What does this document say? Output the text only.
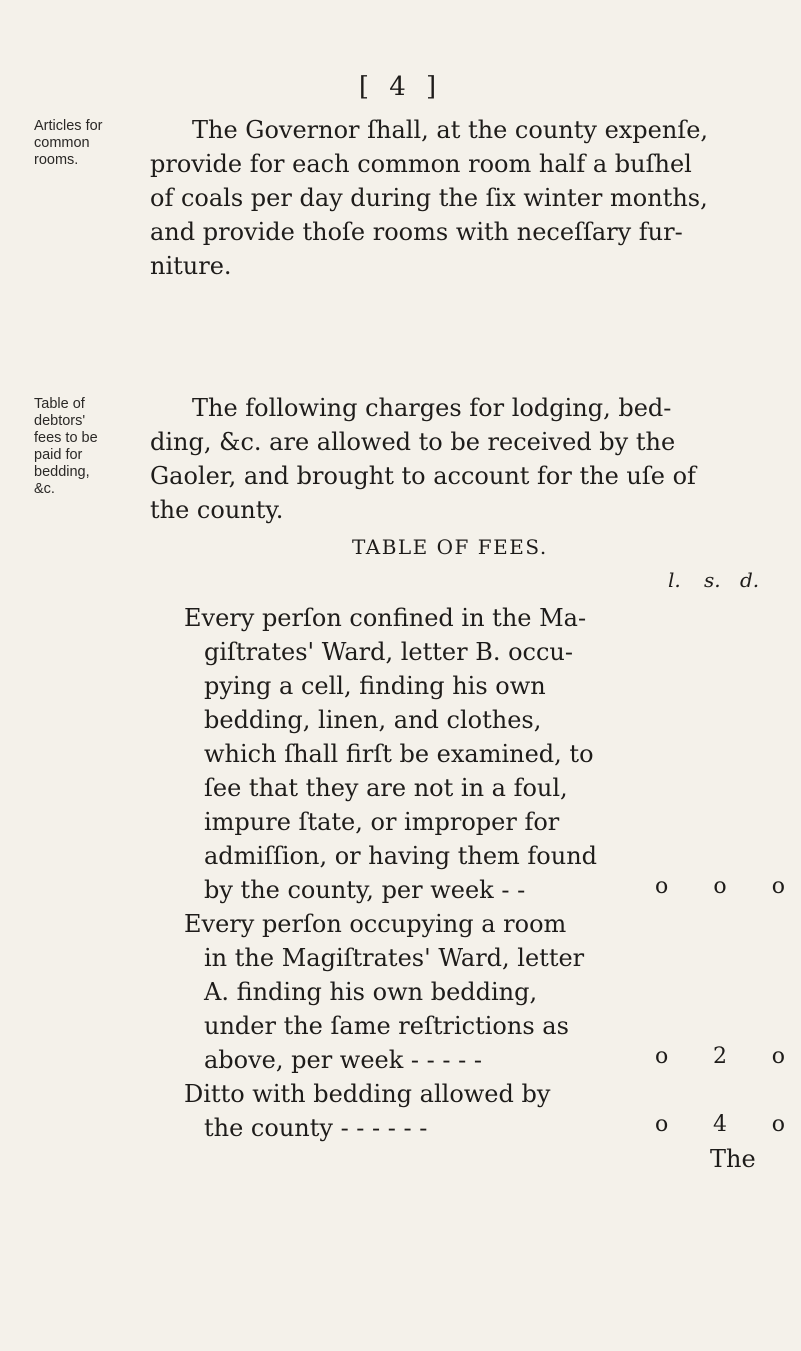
[ 4 ]
Articles for
common
rooms.
Table of
debtors'
fees to be
paid for
bedding,
&c.
The Governor ſhall, at the county expenſe,
provide for each common room half a buſhel
of coals per day during the ſix winter months,
and provide thoſe rooms with neceſſary fur-
niture.
The following charges for lodging, bed-
ding, &c. are allowed to be received by the
Gaoler, and brought to account for the uſe of
the county.
TABLE OF FEES.
l. s. d.
Every perſon confined in the Ma-
giſtrates' Ward, letter B. occu-
pying a cell, finding his own
bedding, linen, and clothes,
which ſhall firſt be examined, to
ſee that they are not in a foul,
impure ſtate, or improper for
admiſſion, or having them found
by the county, per week - -	o o o
Every perſon occupying a room
in the Magiſtrates' Ward, letter
A. finding his own bedding,
under the ſame reſtrictions as
above, per week - - - - -	o 2 o
Ditto with bedding allowed by
the county - - - - - -	o 4 o
The
